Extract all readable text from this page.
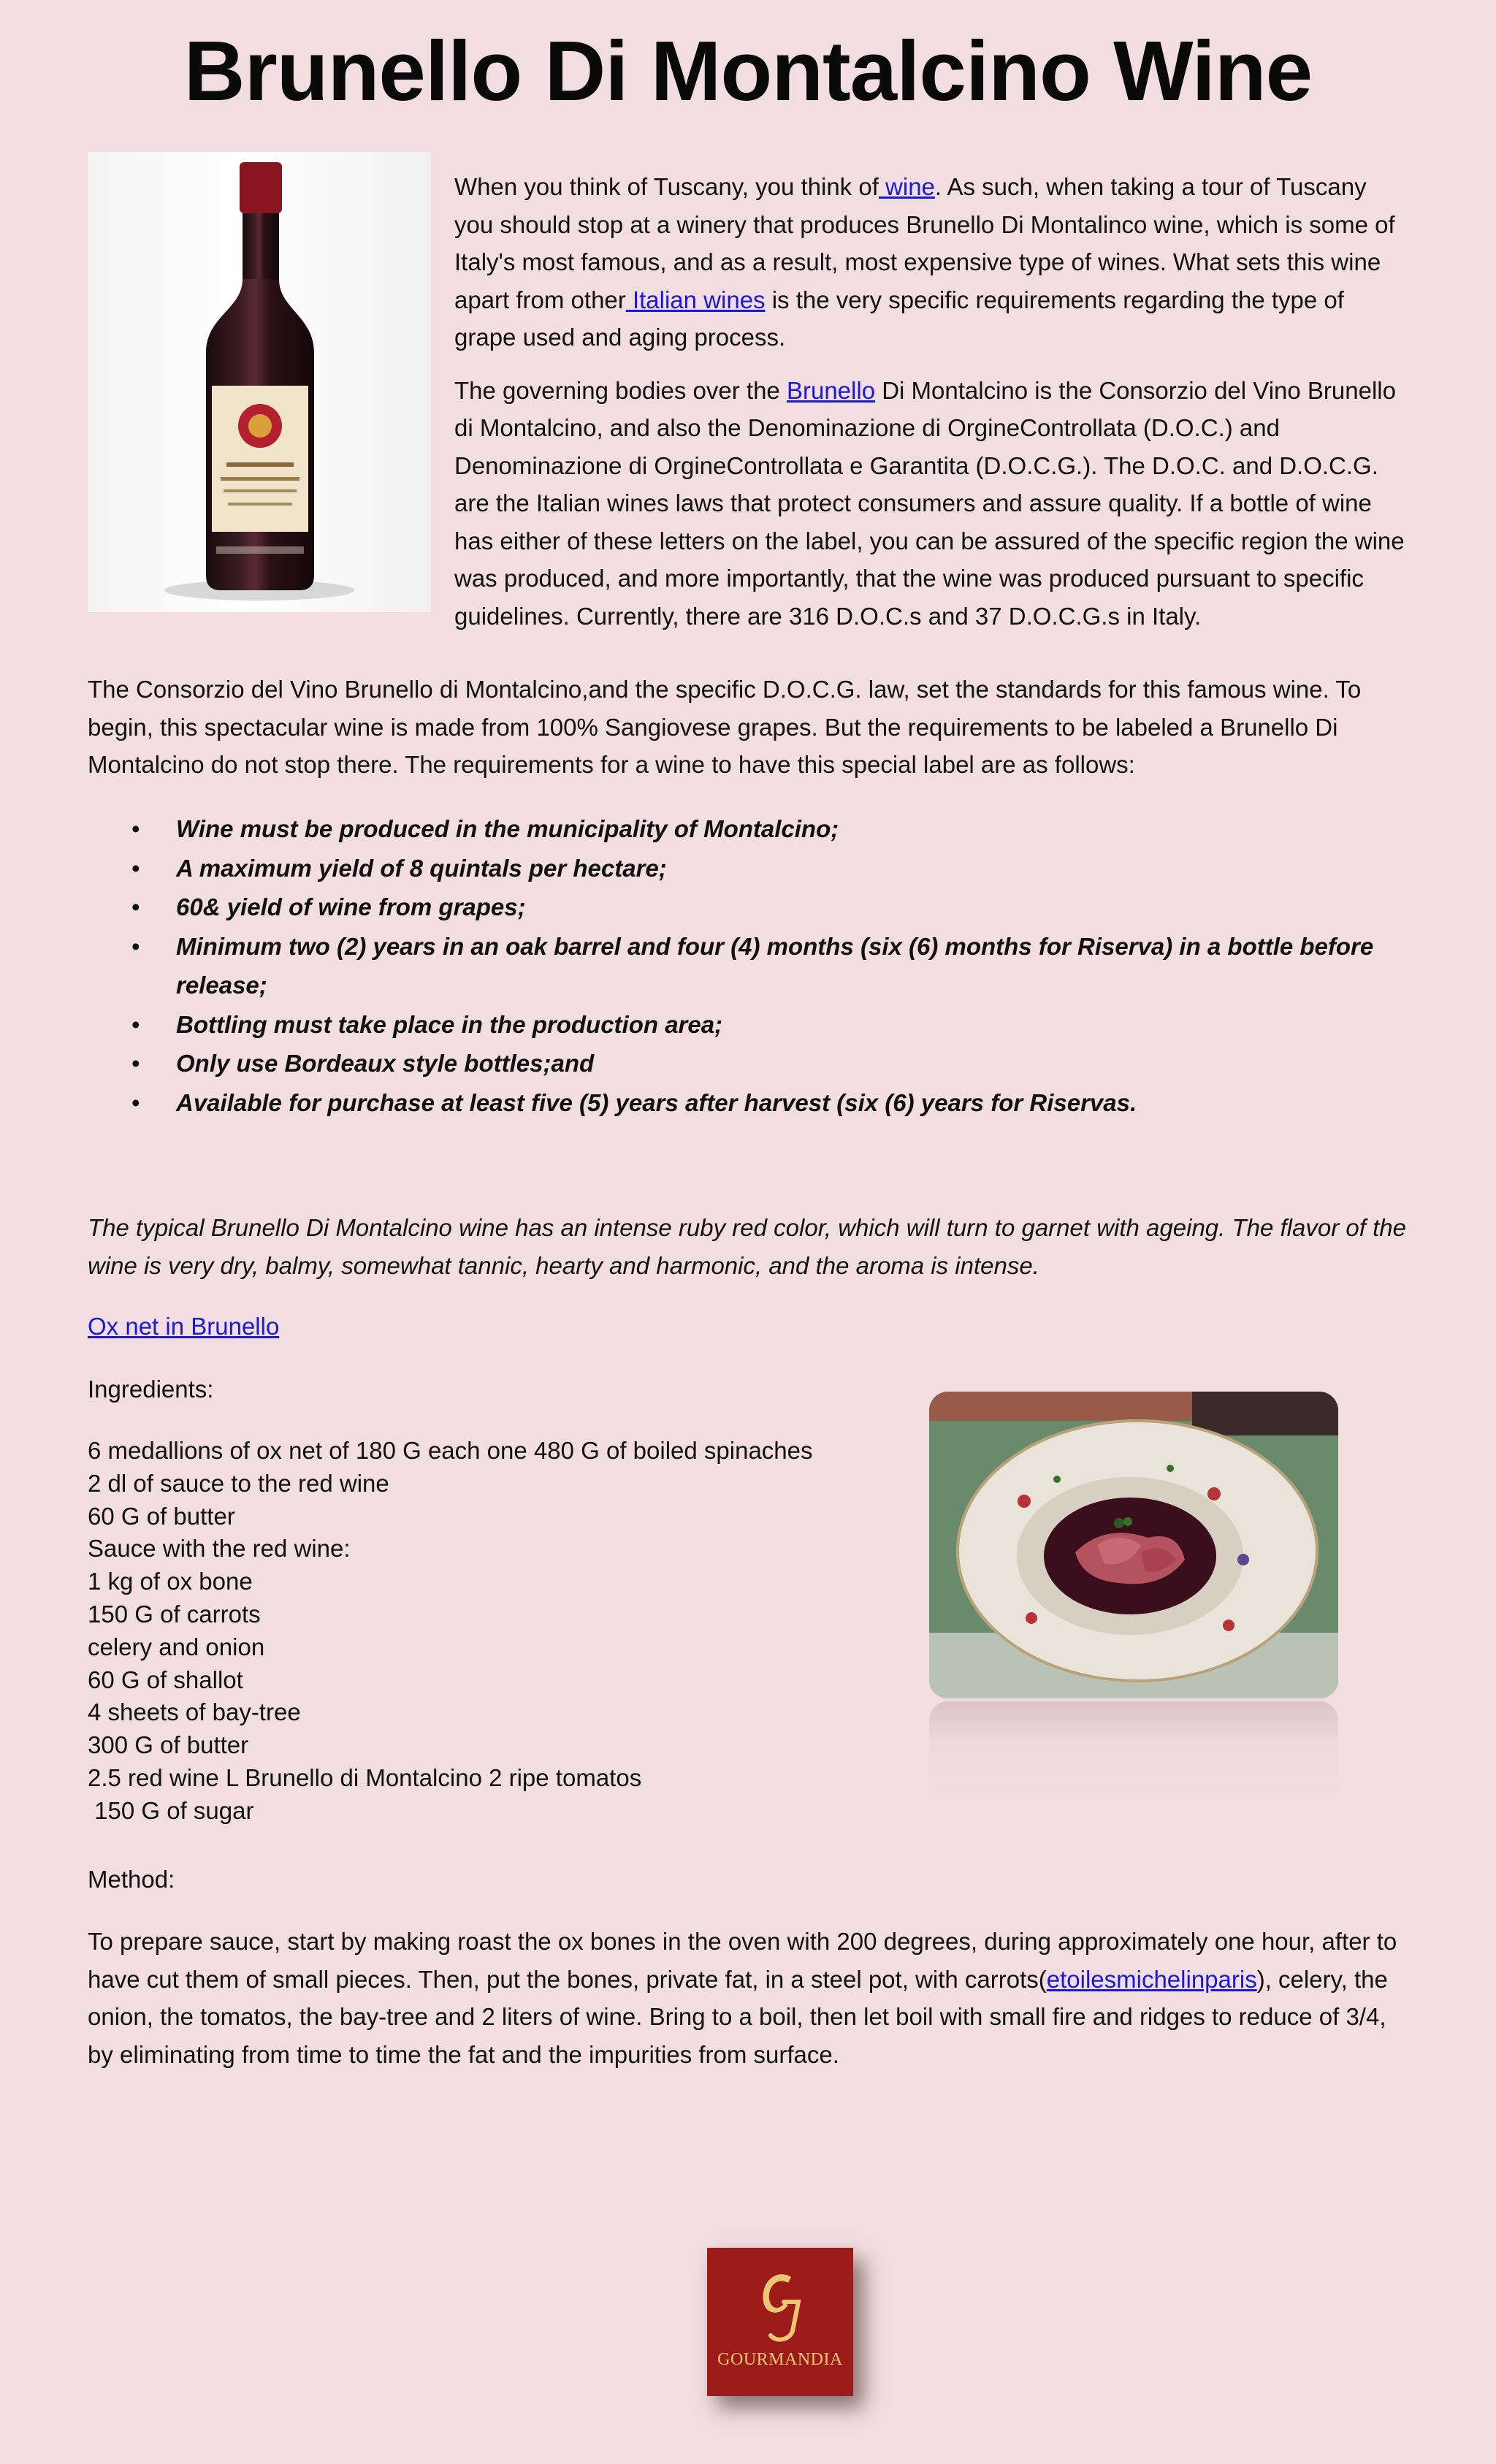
Brunello Di Montalcino Wine

When you think of Tuscany, you think of wine. As such, when taking a tour of Tuscany you should stop at a winery that produces Brunello Di Montalinco wine, which is some of Italy's most famous, and as a result, most expensive type of wines. What sets this wine apart from other Italian wines is the very specific requirements regarding the type of grape used and aging process.

The governing bodies over the Brunello Di Montalcino is the Consorzio del Vino Brunello di Montalcino, and also the Denominazione di OrgineControllata (D.O.C.) and Denominazione di OrgineControllata e Garantita (D.O.C.G.). The D.O.C. and D.O.C.G. are the Italian wines laws that protect consumers and assure quality. If a bottle of wine has either of these letters on the label, you can be assured of the specific region the wine was produced, and more importantly, that the wine was produced pursuant to specific guidelines. Currently, there are 316 D.O.C.s and 37 D.O.C.G.s in Italy.

The Consorzio del Vino Brunello di Montalcino,and the specific D.O.C.G. law, set the standards for this famous wine. To begin, this spectacular wine is made from 100% Sangiovese grapes. But the requirements to be labeled a Brunello Di Montalcino do not stop there. The requirements for a wine to have this special label are as follows:

• Wine must be produced in the municipality of Montalcino;
• A maximum yield of 8 quintals per hectare;
• 60& yield of wine from grapes;
• Minimum two (2) years in an oak barrel and four (4) months (six (6) months for Riserva) in a bottle before release;
• Bottling must take place in the production area;
• Only use Bordeaux style bottles;and
• Available for purchase at least five (5) years after harvest (six (6) years for Riservas.

The typical Brunello Di Montalcino wine has an intense ruby red color, which will turn to garnet with ageing. The flavor of the wine is very dry, balmy, somewhat tannic, hearty and harmonic, and the aroma is intense.

Ox net in Brunello

Ingredients:

6 medallions of ox net of 180 G each one 480 G of boiled spinaches
2 dl of sauce to the red wine
60 G of butter
Sauce with the red wine:
1 kg of ox bone
150 G of carrots
celery and onion
60 G of shallot
4 sheets of bay-tree
300 G of butter
2.5 red wine L Brunello di Montalcino 2 ripe tomatos
150 G of sugar

Method:

To prepare sauce, start by making roast the ox bones in the oven with 200 degrees, during approximately one hour, after to have cut them of small pieces. Then, put the bones, private fat, in a steel pot, with carrots(etoilesmichelinparis), celery, the onion, the tomatos, the bay-tree and 2 liters of wine. Bring to a boil, then let boil with small fire and ridges to reduce of 3/4, by eliminating from time to time the fat and the impurities from surface.

GOURMANDIA
